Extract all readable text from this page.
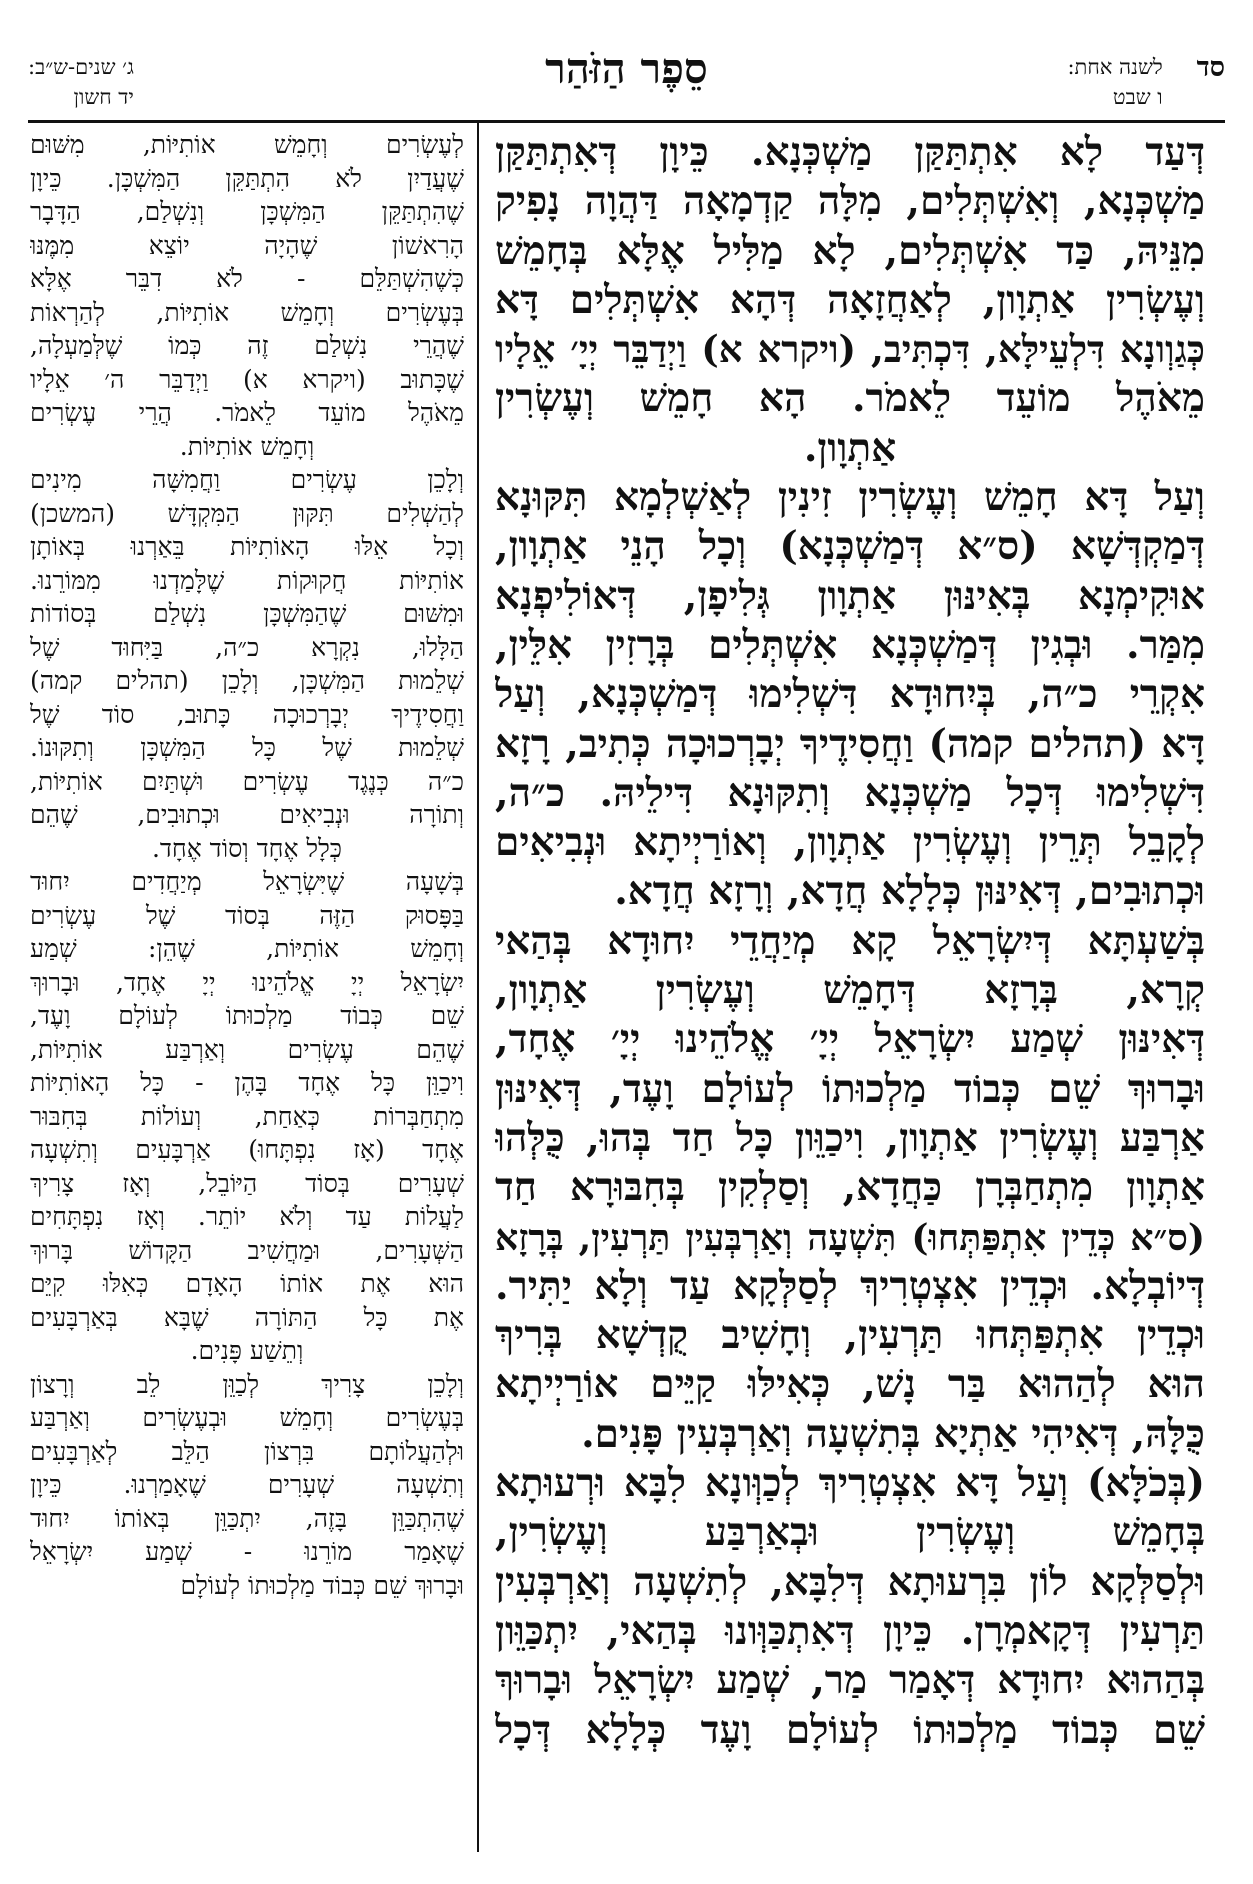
סד
לשנה אחת:
ו שבט
סֵפֶר הַזֹּהַר
ג׳ שנים-ש״ב:
יד חשון
דְּעַד לָא אִתְתַּקַּן מַשְׁכְּנָא. כֵּיוָן דְּאִתְתַּקַּן
מַשְׁכְּנָא, וְאִשְׁתְּלִים, מִלָּה קַדְמָאָה דַּהֲוָה נָפִיק
מִנֵּיהּ, כַּד אִשְׁתְּלִים, לָא מַלִּיל אֶלָּא בְּחָמֵשׁ
וְעֶשְׂרִין אַתְוָון, לְאַחֲזָאָה דְּהָא אִשְׁתְּלִים דָּא
כְּגַוְונָא דִּלְעֵילָּא, דִּכְתִּיב, (ויקרא א) וַיְדַבֵּר יְיָ׳ אֵלָיו
מֵאֹהֶל מוֹעֵד לֵאמֹר. הָא חָמֵשׁ וְעֶשְׂרִין
אַתְוָון.
וְעַל דָּא חָמֵשׁ וְעֶשְׂרִין זִינִין לְאַשְׁלְמָא תִּקּוּנָא
דְּמַקְדְּשָׁא (ס״א דְּמַשְׁכְּנָא) וְכָל הָנֵי אַתְוָון,
אוּקִימְנָא בְּאִינּוּן אַתְוָון גְּלִיפָן, דְּאוֹלִיפְנָא
מִמַּר. וּבְגִין דְּמַשְׁכְּנָא אִשְׁתְּלִים בְּרָזִין אִלֵּין,
אִקְרֵי כ״ה, בְּיִחוּדָא דִּשְׁלִימוּ דְּמַשְׁכְּנָא, וְעַל
דָּא (תהלים קמה) וַחֲסִידֶיךָ יְבָרְכוּכָה כְּתִיב, רָזָא
דִּשְׁלִימוּ דְּכָל מַשְׁכְּנָא וְתִקּוּנָא דִּילֵיהּ. כ״ה,
לְקָבֵל תְּרֵין וְעֶשְׂרִין אַתְוָון, וְאוֹרַיְיתָא וּנְבִיאִים
וּכְתוּבִים, דְּאִינּוּן כְּלָלָא חֲדָא, וְרָזָא חֲדָא.
בְּשַׁעְתָּא דְּיִשְׂרָאֵל קָא מְיַחֲדֵי יִחוּדָא בְּהַאי
קְרָא, בְּרָזָא דְּחָמֵשׁ וְעֶשְׂרִין אַתְוָון,
דְּאִינּוּן שְׁמַע יִשְׂרָאֵל יְיָ׳ אֱלֹהֵינוּ יְיָ׳ אֶחָד,
וּבָרוּךְ שֵׁם כְּבוֹד מַלְכוּתוֹ לְעוֹלָם וָעֶד, דְּאִינּוּן
אַרְבַּע וְעֶשְׂרִין אַתְוָון, וִיכַוֵּון כָּל חַד בְּהוּ, כֻּלְּהוּ
אַתְוָון מִתְחַבְּרָן כַּחֲדָא, וְסַלְקִין בְּחִבּוּרָא חַד
(ס״א כְּדֵין אִתְפַּתְּחוּ) תִּשְׁעָה וְאַרְבְּעִין תַּרְעִין, בְּרָזָא
דְּיוֹבְלָא. וּכְדֵין אִצְטְרִיךְ לְסַלְּקָא עַד וְלָא יַתִּיר.
וּכְדֵין אִתְפַּתְּחוּ תַּרְעִין, וְחָשִׁיב קֻדְשָׁא בְּרִיךְ
הוּא לְהַהוּא בַּר נָשׁ, כְּאִילּוּ קַיֵּים אוֹרַיְיתָא
כֻּלָּהּ, דְּאִיהִי אַתְיָא בְּתִשְׁעָה וְאַרְבְּעִין פָּנִים.
(בְּכֹלָּא) וְעַל דָּא אִצְטְרִיךְ לְכַוְּונָא לִבָּא וּרְעוּתָא
בְּחָמֵשׁ וְעֶשְׂרִין וּבְאַרְבַּע וְעֶשְׂרִין,
וּלְסַלְּקָא לוֹן בִּרְעוּתָא דְּלִבָּא, לְתִשְׁעָה וְאַרְבְּעִין
תַּרְעִין דְּקָאמְרָן. כֵּיוָן דְּאִתְכַּוְּונוּ בְּהַאי, יִתְכַּוֵּון
בְּהַהוּא יִחוּדָא דְּאָמַר מַר, שְׁמַע יִשְׂרָאֵל וּבָרוּךְ
שֵׁם כְּבוֹד מַלְכוּתוֹ לְעוֹלָם וָעֶד כְּלָלָא דְּכָל
לְעֶשְׂרִים וְחָמֵשׁ אוֹתִיּוֹת, מִשּׁוּם
שֶׁעֲדַיִן לֹא הִתְתַּקֵּן הַמִּשְׁכָּן. כֵּיוָן
שֶׁהִתְתַּקֵּן הַמִּשְׁכָּן וְנִשְׁלַם, הַדָּבָר
הָרִאשׁוֹן שֶׁהָיָה יוֹצֵא מִמֶּנּוּ
כְּשֶׁהִשְׁתַּלֵּם - לֹא דִבֵּר אֶלָּא
בְּעֶשְׂרִים וְחָמֵשׁ אוֹתִיּוֹת, לְהַרְאוֹת
שֶׁהֲרֵי נִשְׁלַם זֶה כְּמוֹ שֶׁלְּמַעְלָה,
שֶׁכָּתוּב (ויקרא א) וַיְדַבֵּר ה׳ אֵלָיו
מֵאֹהֶל מוֹעֵד לֵאמֹר. הֲרֵי עֶשְׂרִים
וְחָמֵשׁ אוֹתִיּוֹת.
וְלָכֵן עֶשְׂרִים וַחֲמִשָּׁה מִינִים
לְהַשְׁלִים תִּקּוּן הַמִּקְדָּשׁ (המשכן)
וְכָל אֵלּוּ הָאוֹתִיּוֹת בֵּאַרְנוּ בְּאוֹתָן
אוֹתִיּוֹת חֲקוּקוֹת שֶׁלָּמַדְנוּ מִמּוֹרֵנוּ.
וּמִשּׁוּם שֶׁהַמִּשְׁכָּן נִשְׁלַם בְּסוֹדוֹת
הַלָּלוּ, נִקְרָא כ״ה, בַּיִּחוּד שֶׁל
שְׁלֵמוּת הַמִּשְׁכָּן, וְלָכֵן (תהלים קמה)
וַחֲסִידֶיךָ יְבָרְכוּכָה כָּתוּב, סוֹד שֶׁל
שְׁלֵמוּת שֶׁל כָּל הַמִּשְׁכָּן וְתִקּוּנוֹ.
כ״ה כְּנֶגֶד עֶשְׂרִים וּשְׁתַּיִם אוֹתִיּוֹת,
וְתוֹרָה וּנְבִיאִים וּכְתוּבִים, שֶׁהֵם
כְּלָל אֶחָד וְסוֹד אֶחָד.
בְּשָׁעָה שֶׁיִּשְׂרָאֵל מְיַחֲדִים יִחוּד
בַּפָּסוּק הַזֶּה בְּסוֹד שֶׁל עֶשְׂרִים
וְחָמֵשׁ אוֹתִיּוֹת, שֶׁהֵן: שְׁמַע
יִשְׂרָאֵל יְיָ אֱלֹהֵינוּ יְיָ אֶחָד, וּבָרוּךְ
שֵׁם כְּבוֹד מַלְכוּתוֹ לְעוֹלָם וָעֶד,
שֶׁהֵם עֶשְׂרִים וְאַרְבַּע אוֹתִיּוֹת,
וִיכַוֵּן כָּל אֶחָד בָּהֶן - כָּל הָאוֹתִיּוֹת
מִתְחַבְּרוֹת כְּאַחַת, וְעוֹלוֹת בְּחִבּוּר
אֶחָד (אָז נִפְתָּחוּ) אַרְבָּעִים וְתִשְׁעָה
שְׁעָרִים בְּסוֹד הַיּוֹבֵל, וְאָז צָרִיךְ
לַעֲלוֹת עַד וְלֹא יוֹתֵר. וְאָז נִפְתָּחִים
הַשְּׁעָרִים, וּמַחֲשִׁיב הַקָּדוֹשׁ בָּרוּךְ
הוּא אֶת אוֹתוֹ הָאָדָם כְּאִלּוּ קִיֵּם
אֶת כָּל הַתּוֹרָה שֶׁבָּא בְּאַרְבָּעִים
וְתֵשַׁע פָּנִים.
וְלָכֵן צָרִיךְ לְכַוֵּן לֵב וְרָצוֹן
בְּעֶשְׂרִים וְחָמֵשׁ וּבְעֶשְׂרִים וְאַרְבַּע
וּלְהַעֲלוֹתָם בִּרְצוֹן הַלֵּב לְאַרְבָּעִים
וְתִשְׁעָה שְׁעָרִים שֶׁאָמַרְנוּ. כֵּיוָן
שֶׁהִתְכַּוֵּן בָּזֶה, יִתְכַּוֵּן בְּאוֹתוֹ יִחוּד
שֶׁאָמַר מוֹרֵנוּ - שְׁמַע יִשְׂרָאֵל
וּבָרוּךְ שֵׁם כְּבוֹד מַלְכוּתוֹ לְעוֹלָם
